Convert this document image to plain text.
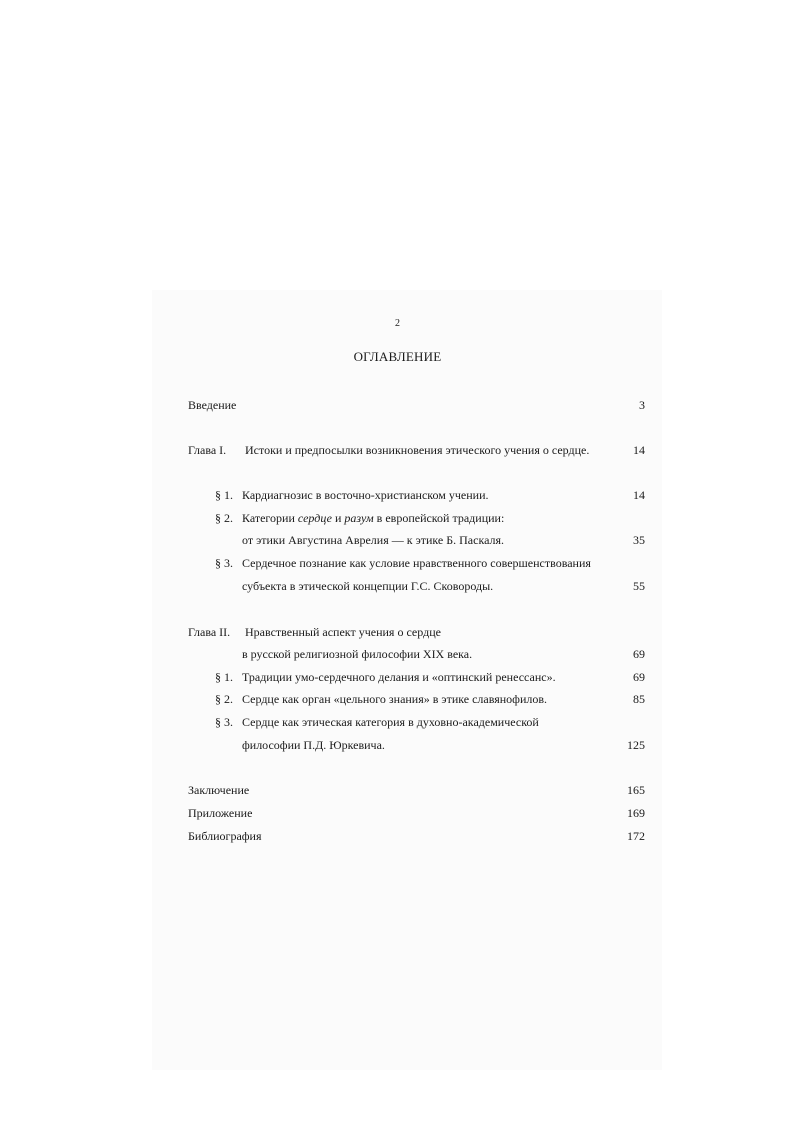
2
ОГЛАВЛЕНИЕ
Введение	3
Глава I. Истоки и предпосылки возникновения этического учения о сердце.	14
§ 1. Кардиагнозис в восточно-христианском учении.	14
§ 2. Категории сердце и разум в европейской традиции:
от этики Августина Аврелия — к этике Б. Паскаля.	35
§ 3. Сердечное познание как условие нравственного совершенствования
субъекта в этической концепции Г.С. Сковороды.	55
Глава II. Нравственный аспект учения о сердце
в русской религиозной философии XIX века.	69
§ 1. Традиции умо-сердечного делания и «оптинский ренессанс».	69
§ 2. Сердце как орган «цельного знания» в этике славянофилов.	85
§ 3. Сердце как этическая категория в духовно-академической
философии П.Д. Юркевича.	125
Заключение	165
Приложение	169
Библиография	172
